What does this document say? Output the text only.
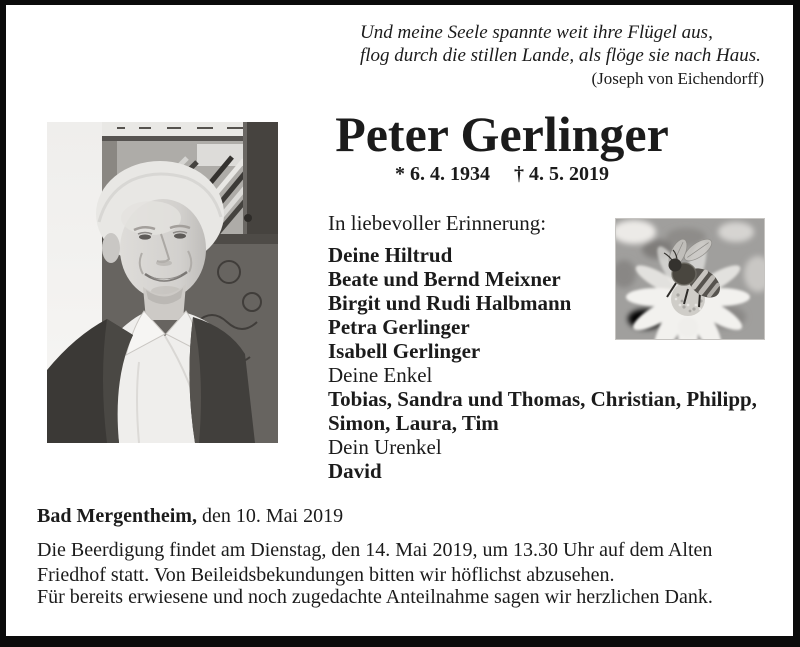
Und meine Seele spannte weit ihre Flügel aus,
flog durch die stillen Lande, als flöge sie nach Haus.
(Joseph von Eichendorff)
Peter Gerlinger
* 6. 4. 1934 † 4. 5. 2019
In liebevoller Erinnerung:
Deine Hiltrud
Beate und Bernd Meixner
Birgit und Rudi Halbmann
Petra Gerlinger
Isabell Gerlinger
Deine Enkel
Tobias, Sandra und Thomas, Christian, Philipp, Simon, Laura, Tim
Dein Urenkel
David
Bad Mergentheim, den 10. Mai 2019

Die Beerdigung findet am Dienstag, den 14. Mai 2019, um 13.30 Uhr auf dem Alten Friedhof statt. Von Beileidsbekundungen bitten wir höflichst abzusehen.

Für bereits erwiesene und noch zugedachte Anteilnahme sagen wir herzlichen Dank.
